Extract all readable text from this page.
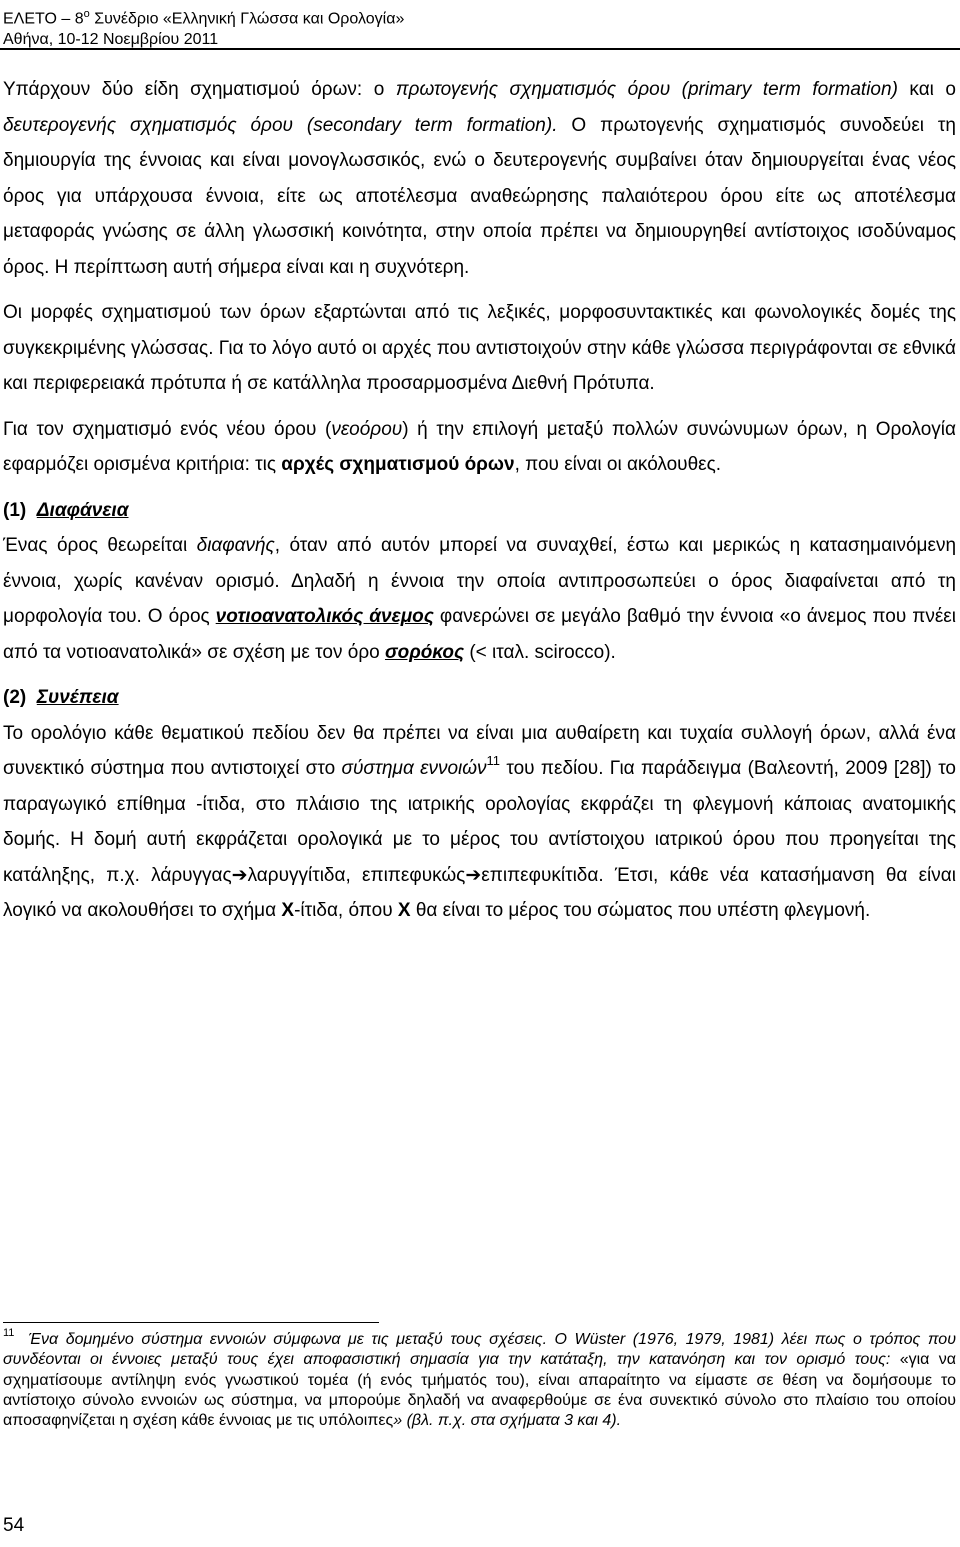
ΕΛΕΤΟ – $8^o$ Συνέδριο «Ελληνική Γλώσσα και Ορολογία»
Αθήνα, 10-12 Νοεμβρίου 2011

Υπάρχουν δύο είδη σχηματισμού όρων: ο πρωτογενής σχηματισμός όρου (primary term formation) και ο δευτερογενής σχηματισμός όρου (secondary term formation). Ο πρωτογενής σχηματισμός συνοδεύει τη δημιουργία της έννοιας και είναι μονογλωσσικός, ενώ ο δευτερογενής συμβαίνει όταν δημιουργείται ένας νέος όρος για υπάρχουσα έννοια, είτε ως αποτέλεσμα αναθεώρησης παλαιότερου όρου είτε ως αποτέλεσμα μεταφοράς γνώσης σε άλλη γλωσσική κοινότητα, στην οποία πρέπει να δημιουργηθεί αντίστοιχος ισοδύναμος όρος. Η περίπτωση αυτή σήμερα είναι και η συχνότερη.

Οι μορφές σχηματισμού των όρων εξαρτώνται από τις λεξικές, μορφοσυντακτικές και φωνολογικές δομές της συγκεκριμένης γλώσσας. Για το λόγο αυτό οι αρχές που αντιστοιχούν στην κάθε γλώσσα περιγράφονται σε εθνικά και περιφερειακά πρότυπα ή σε κατάλληλα προσαρμοσμένα Διεθνή Πρότυπα.

Για τον σχηματισμό ενός νέου όρου (νεοόρου) ή την επιλογή μεταξύ πολλών συνώνυμων όρων, η Ορολογία εφαρμόζει ορισμένα κριτήρια: τις αρχές σχηματισμού όρων, που είναι οι ακόλουθες.

(1) Διαφάνεια

Ένας όρος θεωρείται διαφανής, όταν από αυτόν μπορεί να συναχθεί, έστω και μερικώς η κατασημαινόμενη έννοια, χωρίς κανέναν ορισμό. Δηλαδή η έννοια την οποία αντιπροσωπεύει ο όρος διαφαίνεται από τη μορφολογία του. Ο όρος νοτιοανατολικός άνεμος φανερώνει σε μεγάλο βαθμό την έννοια «ο άνεμος που πνέει από τα νοτιοανατολικά» σε σχέση με τον όρο σορόκος (< ιταλ. scirocco).

(2) Συνέπεια

Το ορολόγιο κάθε θεματικού πεδίου δεν θα πρέπει να είναι μια αυθαίρετη και τυχαία συλλογή όρων, αλλά ένα συνεκτικό σύστημα που αντιστοιχεί στο σύστημα εννοιών$^{11}$ του πεδίου. Για παράδειγμα (Βαλεοντή, 2009 [28]) το παραγωγικό επίθημα -ίτιδα, στο πλάισιο της ιατρικής ορολογίας εκφράζει τη φλεγμονή κάποιας ανατομικής δομής. Η δομή αυτή εκφράζεται ορολογικά με το μέρος του αντίστοιχου ιατρικού όρου που προηγείται της κατάληξης, π.χ. λάρυγγας➔λαρυγγίτιδα, επιπεφυκώς➔επιπεφυκίτιδα. Έτσι, κάθε νέα κατασήμανση θα είναι λογικό να ακολουθήσει το σχήμα Χ-ίτιδα, όπου Χ θα είναι το μέρος του σώματος που υπέστη φλεγμονή.

$^{11}$ Ένα δομημένο σύστημα εννοιών σύμφωνα με τις μεταξύ τους σχέσεις. Ο Wüster (1976, 1979, 1981) λέει πως ο τρόπος που συνδέονται οι έννοιες μεταξύ τους έχει αποφασιστική σημασία για την κατάταξη, την κατανόηση και τον ορισμό τους: «για να σχηματίσουμε αντίληψη ενός γνωστικού τομέα (ή ενός τμήματός του), είναι απαραίτητο να είμαστε σε θέση να δομήσουμε το αντίστοιχο σύνολο εννοιών ως σύστημα, να μπορούμε δηλαδή να αναφερθούμε σε ένα συνεκτικό σύνολο στο πλαίσιο του οποίου αποσαφηνίζεται η σχέση κάθε έννοιας με τις υπόλοιπες» (βλ. π.χ. στα σχήματα 3 και 4).
54
